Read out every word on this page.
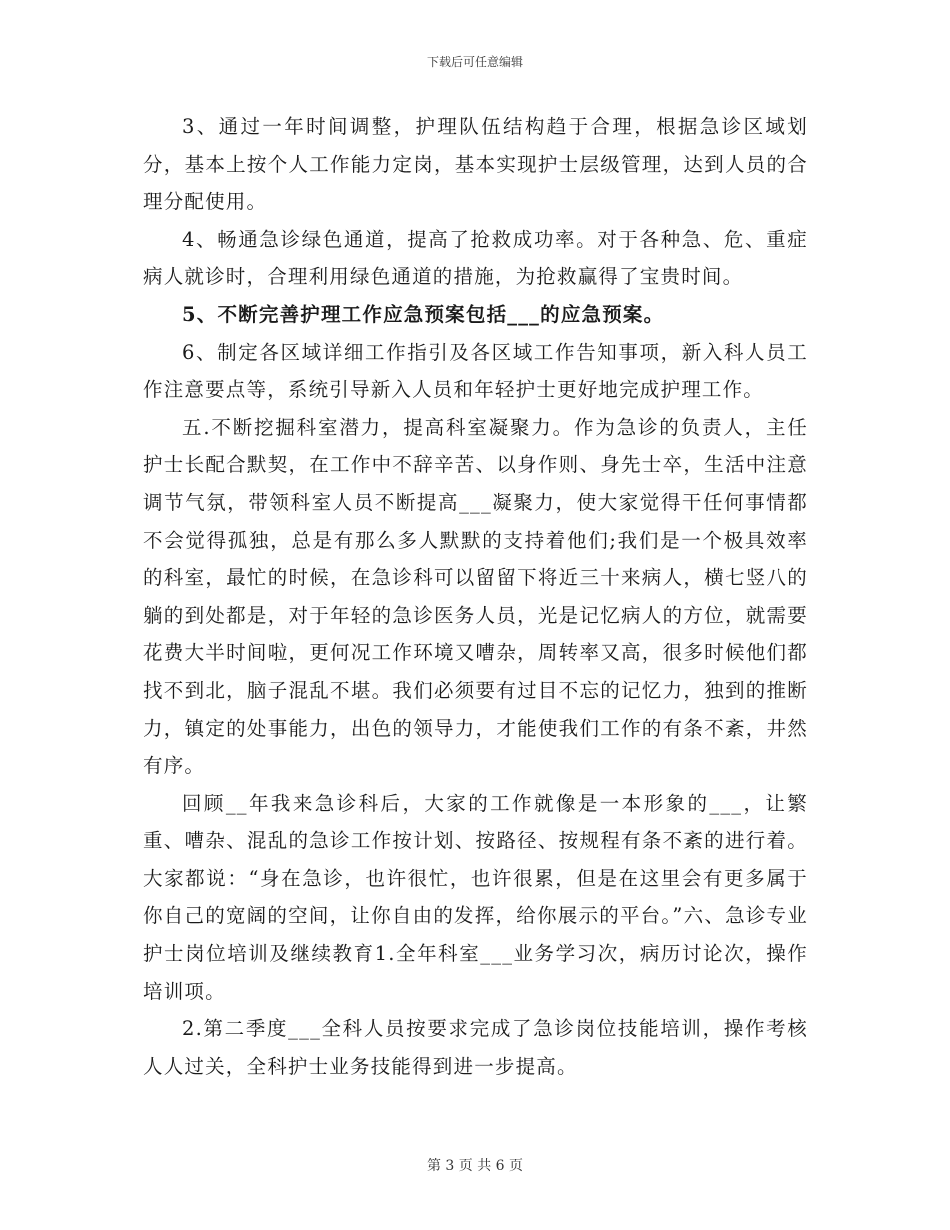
下载后可任意编辑

3、通过一年时间调整，护理队伍结构趋于合理，根据急诊区域划分，基本上按个人工作能力定岗，基本实现护士层级管理，达到人员的合理分配使用。

4、畅通急诊绿色通道，提高了抢救成功率。对于各种急、危、重症病人就诊时，合理利用绿色通道的措施，为抢救赢得了宝贵时间。

5、不断完善护理工作应急预案包括___的应急预案。

6、制定各区域详细工作指引及各区域工作告知事项，新入科人员工作注意要点等，系统引导新入人员和年轻护士更好地完成护理工作。

五.不断挖掘科室潜力，提高科室凝聚力。作为急诊的负责人，主任护士长配合默契，在工作中不辞辛苦、以身作则、身先士卒，生活中注意调节气氛，带领科室人员不断提高___凝聚力，使大家觉得干任何事情都不会觉得孤独，总是有那么多人默默的支持着他们;我们是一个极具效率的科室，最忙的时候，在急诊科可以留留下将近三十来病人，横七竖八的躺的到处都是，对于年轻的急诊医务人员，光是记忆病人的方位，就需要花费大半时间啦，更何况工作环境又嘈杂，周转率又高，很多时候他们都找不到北，脑子混乱不堪。我们必须要有过目不忘的记忆力，独到的推断力，镇定的处事能力，出色的领导力，才能使我们工作的有条不紊，井然有序。

回顾__年我来急诊科后，大家的工作就像是一本形象的___，让繁重、嘈杂、混乱的急诊工作按计划、按路径、按规程有条不紊的进行着。大家都说：“身在急诊，也许很忙，也许很累，但是在这里会有更多属于你自己的宽阔的空间，让你自由的发挥，给你展示的平台。”六、急诊专业护士岗位培训及继续教育1.全年科室___业务学习次，病历讨论次，操作培训项。

2.第二季度___全科人员按要求完成了急诊岗位技能培训，操作考核人人过关，全科护士业务技能得到进一步提高。

第 3 页 共 6 页
